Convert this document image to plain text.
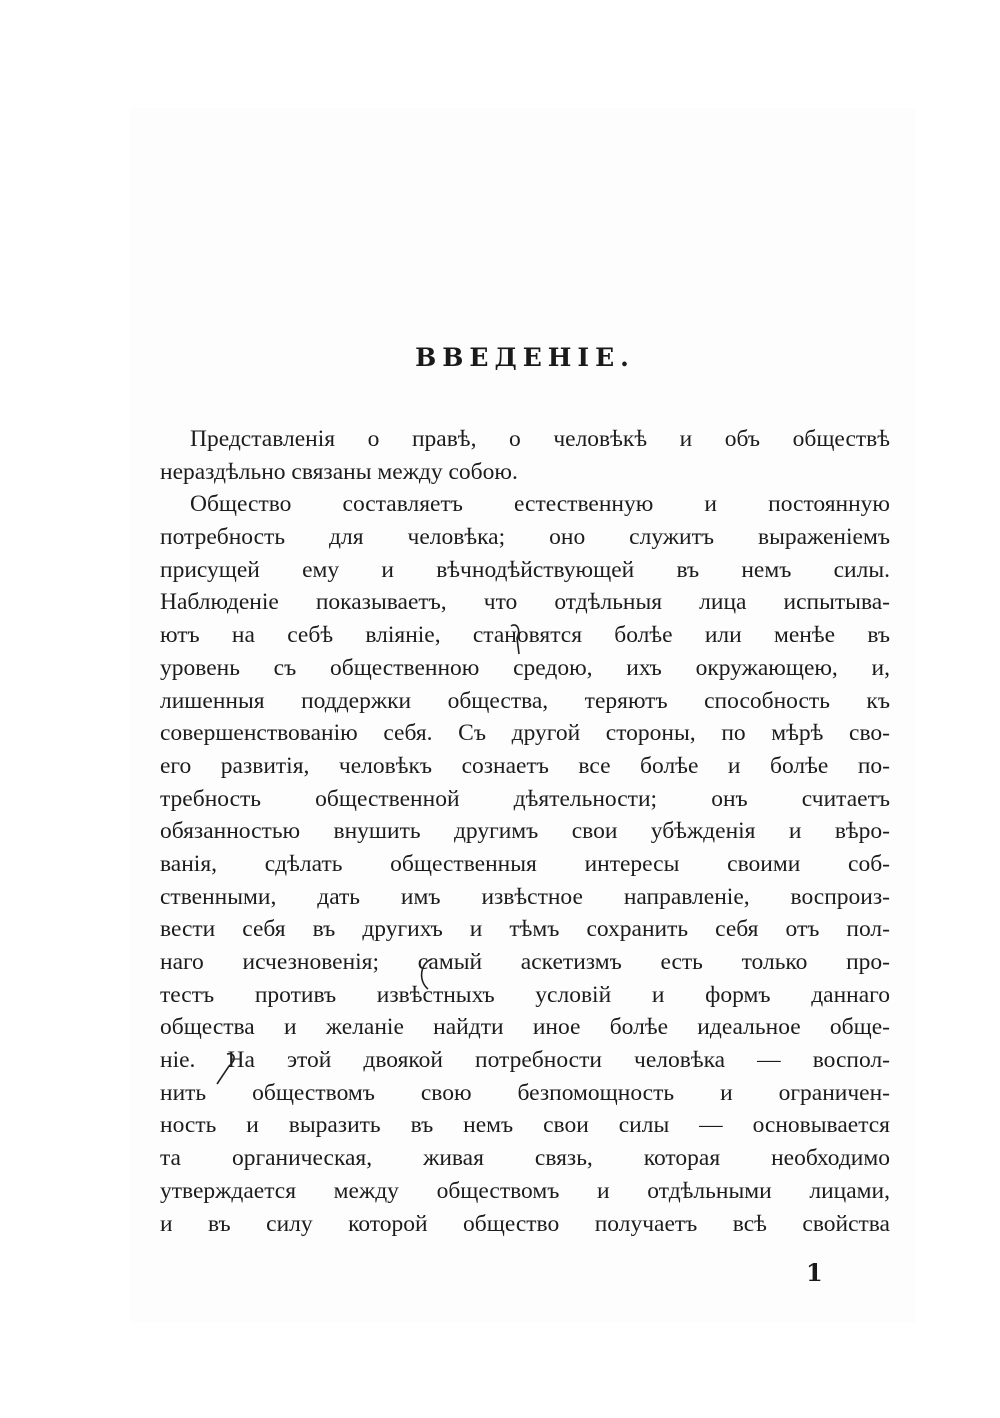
ВВЕДЕНІЕ.
Представленія о правѣ, о человѣкѣ и объ обществѣ
нераздѣльно связаны между собою.
Общество составляетъ естественную и постоянную
потребность для человѣка; оно служитъ выраженіемъ
присущей ему и вѣчнодѣйствующей въ немъ силы.
Наблюденіе показываетъ, что отдѣльныя лица испытыва-
ютъ на себѣ вліяніе, становятся болѣе или менѣе въ
уровень съ общественною средою, ихъ окружающею, и,
лишенныя поддержки общества, теряютъ способность къ
совершенствованію себя. Съ другой стороны, по мѣрѣ сво-
его развитія, человѣкъ сознаетъ все болѣе и болѣе по-
требность общественной дѣятельности; онъ считаетъ
обязанностью внушить другимъ свои убѣжденія и вѣро-
ванія, сдѣлать общественныя интересы своими соб-
ственными, дать имъ извѣстное направленіе, воспроиз-
вести себя въ другихъ и тѣмъ сохранить себя отъ пол-
наго исчезновенія; самый аскетизмъ есть только про-
тестъ противъ извѣстныхъ условій и формъ даннаго
общества и желаніе найдти иное болѣе идеальное обще-
ніе. На этой двоякой потребности человѣка — воспол-
нить обществомъ свою безпомощность и ограничен-
ность и выразить въ немъ свои силы — основывается
та органическая, живая связь, которая необходимо
утверждается между обществомъ и отдѣльными лицами,
и въ силу которой общество получаетъ всѣ свойства
1
